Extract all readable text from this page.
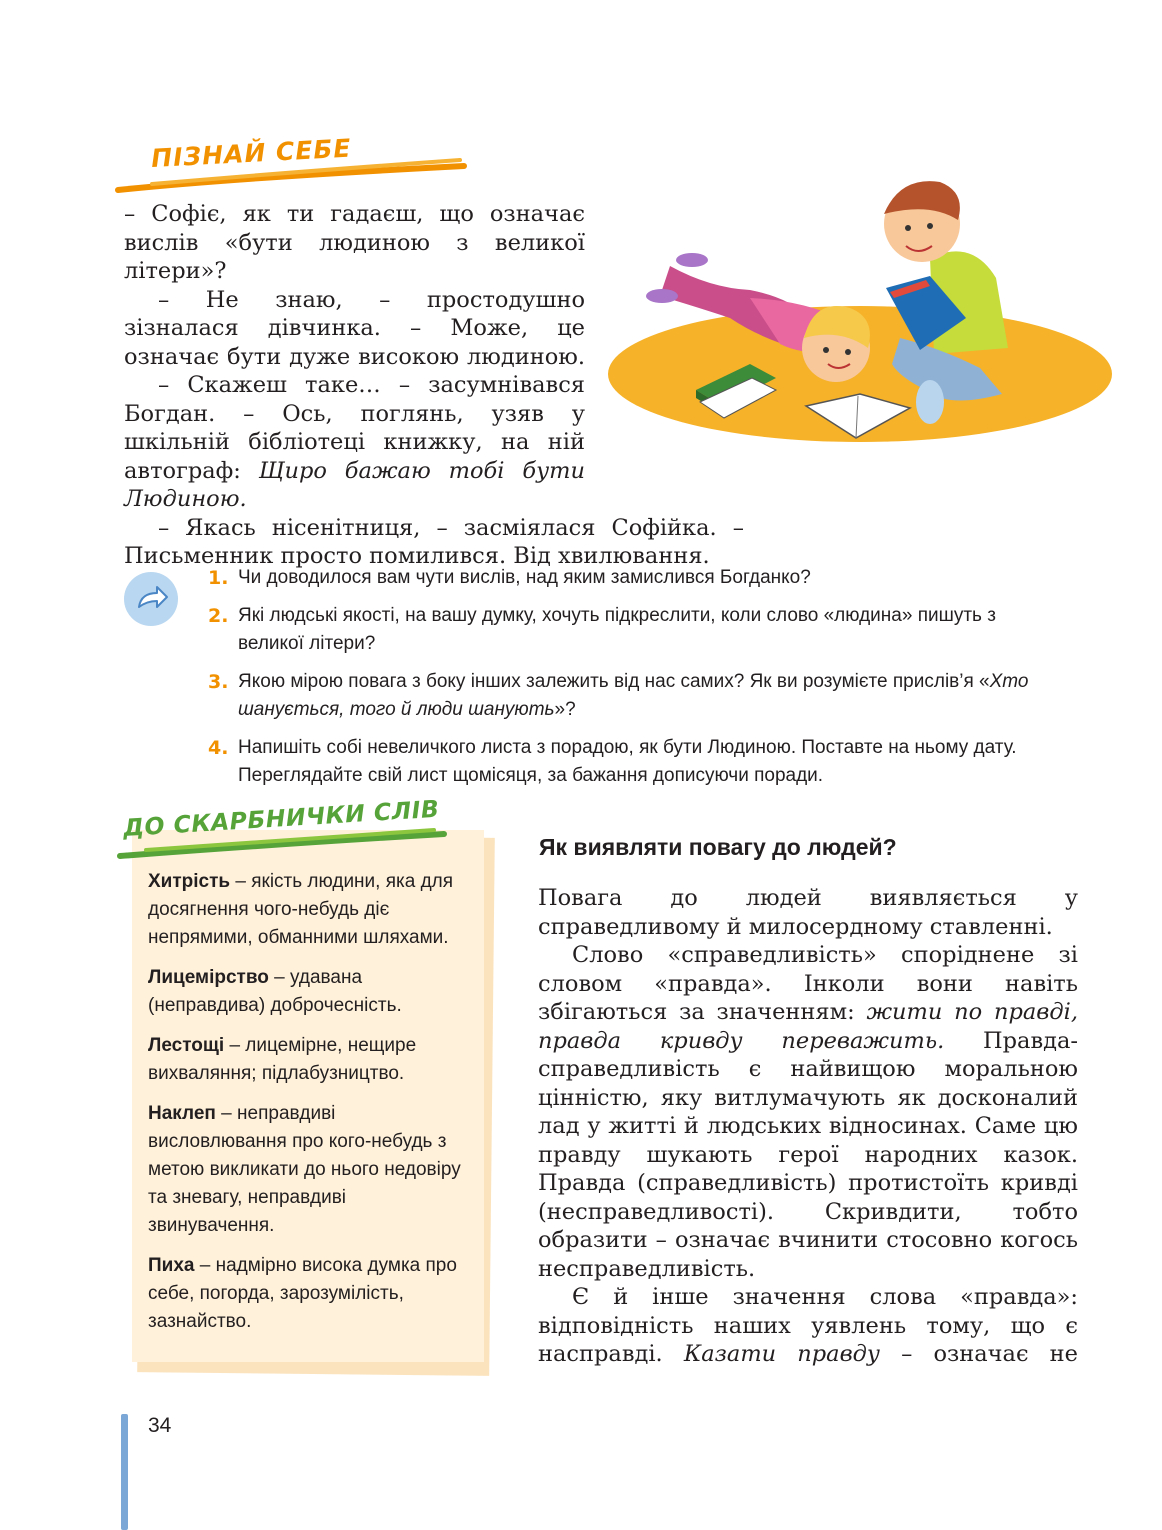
ПІЗНАЙ СЕБЕ

– Софіє, як ти гадаєш, що означає вислів «бути людиною з великої літери»?

– Не знаю, – простодушно зізналася дівчинка. – Може, це означає бути дуже високою людиною.

– Скажеш таке… – засумнівався Богдан. – Ось, поглянь, узяв у шкільній бібліотеці книжку, на ній автограф: Щиро бажаю тобі бути Людиною.

– Якась нісенітниця, – засміялася Софійка. – Письменник просто помилився. Від хвилювання.

1. Чи доводилося вам чути вислів, над яким замислився Богданко?
2. Які людські якості, на вашу думку, хочуть підкреслити, коли слово «людина» пишуть з великої літери?
3. Якою мірою повага з боку інших залежить від нас самих? Як ви розумієте прислів’я «Хто шанується, того й люди шанують»?
4. Напишіть собі невеличкого листа з порадою, як бути Людиною. Поставте на ньому дату. Переглядайте свій лист щомісяця, за бажання дописуючи поради.
ДО СКАРБНИЧКИ СЛІВ

Хитрість – якість людини, яка для досягнення чого-небудь діє непрямими, обманними шляхами.

Лицемірство – удавана (неправдива) доброчесність.

Лестощі – лицемірне, нещире вихваляння; підлабузництво.

Наклеп – неправдиві висловлювання про кого-небудь з метою викликати до нього недовіру та зневагу, неправдиві звинувачення.

Пиха – надмірно висока думка про себе, погорда, зарозумілість, зазнайство.

Як виявляти повагу до людей?

Повага до людей виявляється у справедливому й милосердному ставленні.

Слово «справедливість» споріднене зі словом «правда». Інколи вони навіть збігаються за значенням: жити по правді, правда кривду переважить. Правда-справедливість є найвищою моральною цінністю, яку витлумачують як досконалий лад у житті й людських відносинах. Саме цю правду шукають герої народних казок. Правда (справедливість) протистоїть кривді (несправедливості). Скривдити, тобто образити – означає вчинити стосовно когось несправедливість.

Є й інше значення слова «правда»: відповідність наших уявлень тому, що є насправді. Казати правду – означає не

34
